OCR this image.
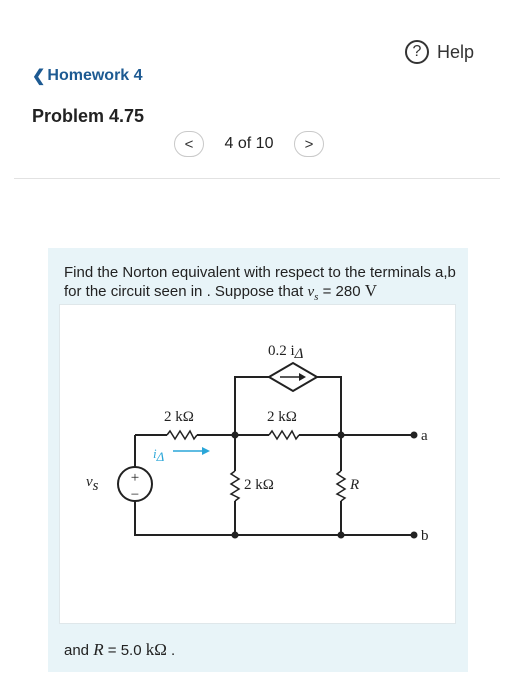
? Help
❮ Homework 4
Problem 4.75
<	4 of 10	>
Find the Norton equivalent with respect to the terminals a,b for the circuit seen in . Suppose that $v_s = 280$ V
+
−
0.2 iΔ
2 kΩ	2 kΩ
2 kΩ	R
iΔ
vs
a
b
and R = 5.0 kΩ .
